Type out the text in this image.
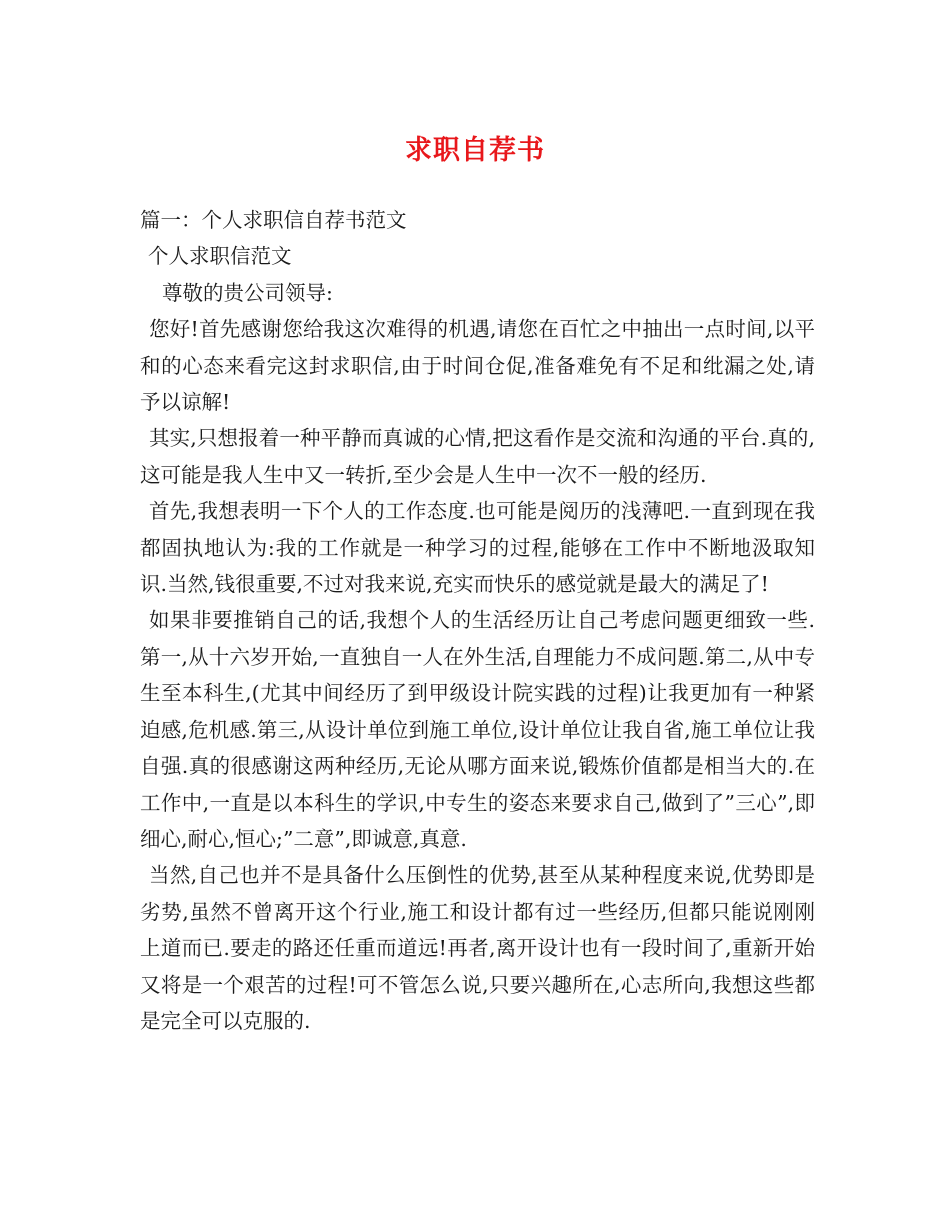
求职自荐书

篇一：个人求职信自荐书范文

个人求职信范文

尊敬的贵公司领导:

您好!首先感谢您给我这次难得的机遇,请您在百忙之中抽出一点时间,以平和的心态来看完这封求职信,由于时间仓促,准备难免有不足和纰漏之处,请予以谅解!

其实,只想报着一种平静而真诚的心情,把这看作是交流和沟通的平台.真的,这可能是我人生中又一转折,至少会是人生中一次不一般的经历.

首先,我想表明一下个人的工作态度.也可能是阅历的浅薄吧.一直到现在我都固执地认为:我的工作就是一种学习的过程,能够在工作中不断地汲取知识.当然,钱很重要,不过对我来说,充实而快乐的感觉就是最大的满足了!

如果非要推销自己的话,我想个人的生活经历让自己考虑问题更细致一些.第一,从十六岁开始,一直独自一人在外生活,自理能力不成问题.第二,从中专生至本科生,(尤其中间经历了到甲级设计院实践的过程)让我更加有一种紧迫感,危机感.第三,从设计单位到施工单位,设计单位让我自省,施工单位让我自强.真的很感谢这两种经历,无论从哪方面来说,锻炼价值都是相当大的.在工作中,一直是以本科生的学识,中专生的姿态来要求自己,做到了”三心”,即细心,耐心,恒心;”二意”,即诚意,真意.

当然,自己也并不是具备什么压倒性的优势,甚至从某种程度来说,优势即是劣势,虽然不曾离开这个行业,施工和设计都有过一些经历,但都只能说刚刚上道而已.要走的路还任重而道远!再者,离开设计也有一段时间了,重新开始又将是一个艰苦的过程!可不管怎么说,只要兴趣所在,心志所向,我想这些都是完全可以克服的.
